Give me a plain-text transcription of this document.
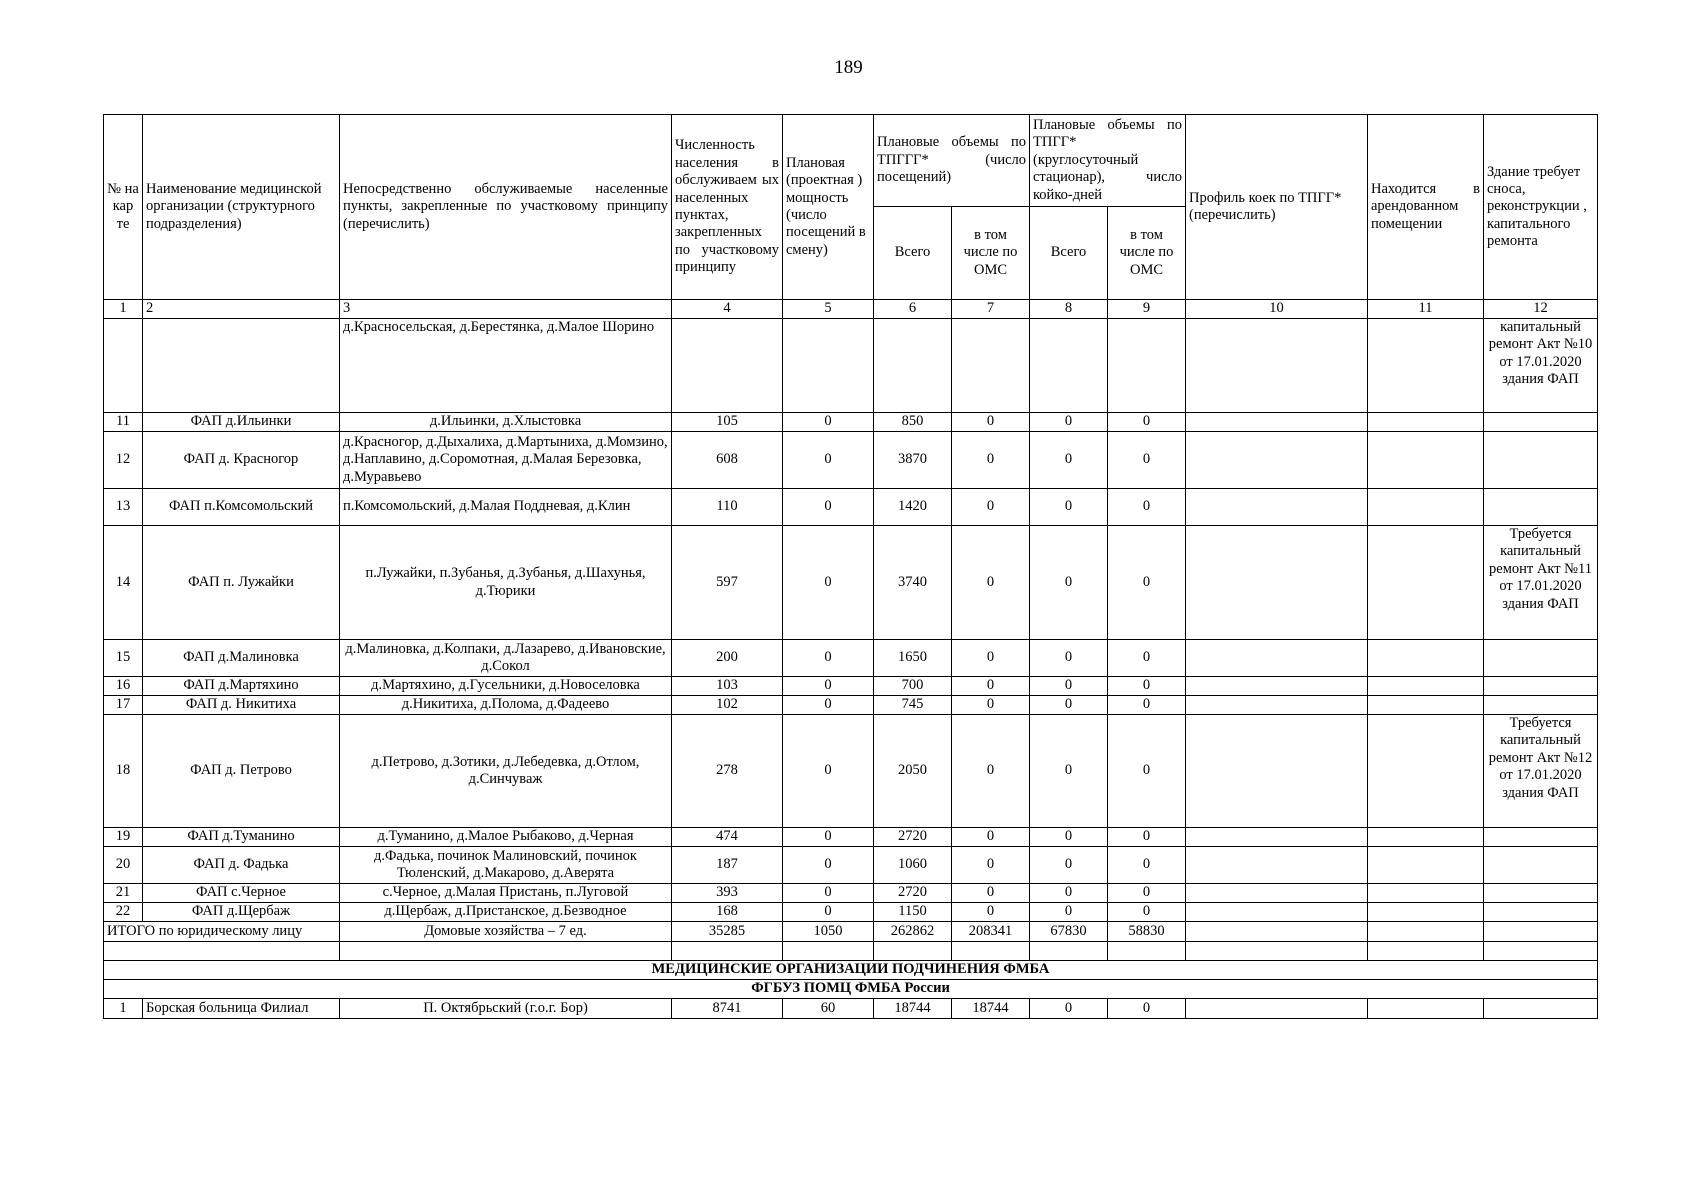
189
№ на кар те	Наименование медицинской организации (структурного подразделения)	Непосредственно обслуживаемые населенные пункты, закрепленные по участковому принципу (перечислить)	Численность населения в обслуживаем ых населенных пунктах, закрепленных по участковому принципу	Плановая (проектная ) мощность (число посещений в смену)	Плановые объемы по ТПГГГ* (число посещений)		Плановые объемы по ТПГГ* (круглосуточный стационар), число койко-дней		Профиль коек по ТПГГ* (перечислить)	Находится в арендованном помещении	Здание требует сноса, реконструкции , капитального ремонта
					Всего	в том числе по ОМС	Всего	в том числе по ОМС			
1	2	3	4	5	6	7	8	9	10	11	12
		д.Красносельская, д.Берестянка, д.Малое Шорино									капитальный ремонт Акт №10 от 17.01.2020 здания ФАП
11	ФАП д.Ильинки	д.Ильинки, д.Хлыстовка	105	0	850	0	0	0			
12	ФАП д. Красногор	д.Красногор, д.Дыхалиха, д.Мартыниха, д.Момзино, д.Наплавино, д.Соромотная, д.Малая Березовка, д.Муравьево	608	0	3870	0	0	0			
13	ФАП п.Комсомольский	п.Комсомольский, д.Малая Поддневая, д.Клин	110	0	1420	0	0	0			
14	ФАП п. Лужайки	п.Лужайки, п.Зубанья, д.Зубанья, д.Шахунья, д.Тюрики	597	0	3740	0	0	0			Требуется капитальный ремонт Акт №11 от 17.01.2020 здания ФАП
15	ФАП д.Малиновка	д.Малиновка, д.Колпаки, д.Лазарево, д.Ивановские, д.Сокол	200	0	1650	0	0	0			
16	ФАП д.Мартяхино	д.Мартяхино, д.Гусельники, д.Новоселовка	103	0	700	0	0	0			
17	ФАП д. Никитиха	д.Никитиха, д.Полома, д.Фадеево	102	0	745	0	0	0			
18	ФАП д. Петрово	д.Петрово, д.Зотики, д.Лебедевка, д.Отлом, д.Синчуваж	278	0	2050	0	0	0			Требуется капитальный ремонт Акт №12 от 17.01.2020 здания ФАП
19	ФАП д.Туманино	д.Туманино, д.Малое Рыбаково, д.Черная	474	0	2720	0	0	0			
20	ФАП д. Фадька	д.Фадька, починок Малиновский, починок Тюленский, д.Макарово, д.Аверята	187	0	1060	0	0	0			
21	ФАП с.Черное	с.Черное, д.Малая Пристань, п.Луговой	393	0	2720	0	0	0			
22	ФАП д.Щербаж	д.Щербаж, д.Пристанское, д.Безводное	168	0	1150	0	0	0			
ИТОГО по юридическому лицу		Домовые хозяйства – 7 ед.	35285	1050	262862	208341	67830	58830			

МЕДИЦИНСКИЕ ОРГАНИЗАЦИИ ПОДЧИНЕНИЯ ФМБА											
ФГБУЗ ПОМЦ ФМБА России											
1	Борская больница Филиал	П. Октябрьский (г.о.г. Бор)	8741	60	18744	18744	0	0			
